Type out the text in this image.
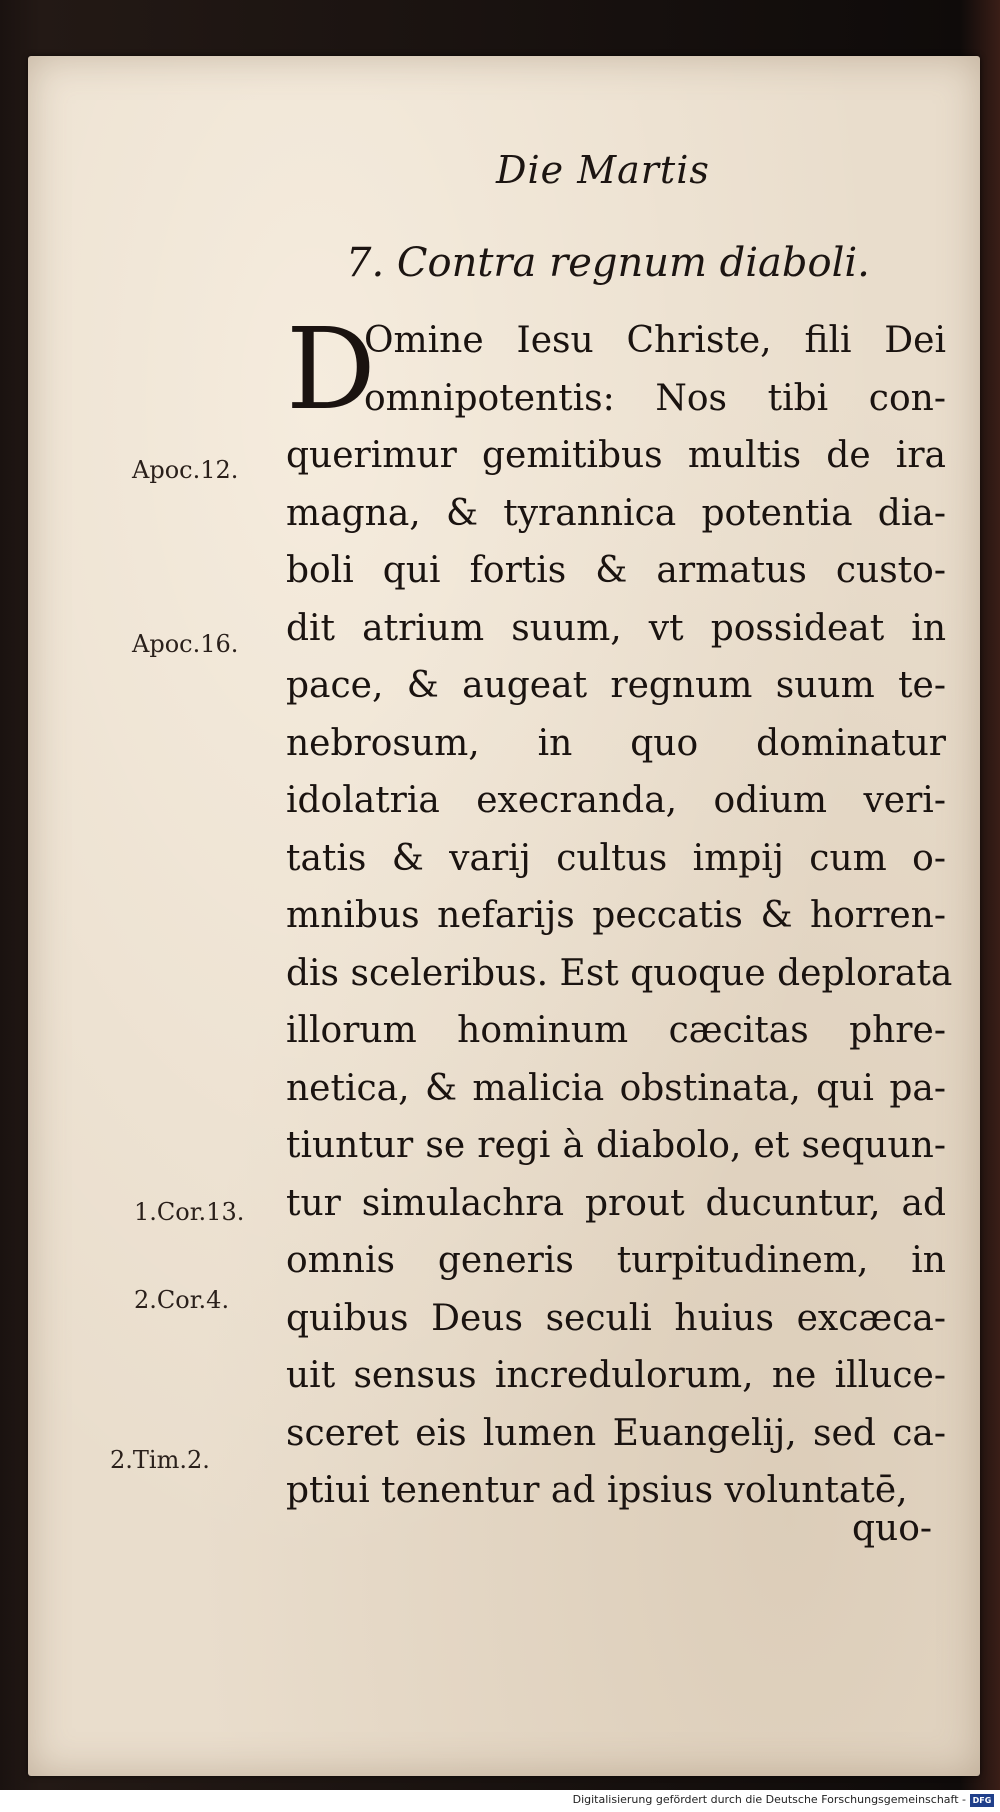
Die Martis
7. Contra regnum diaboli.
D
Omine Iesu Christe, fili Dei
omnipotentis: Nos tibi con-
querimur gemitibus multis de ira
magna, & tyrannica potentia dia-
boli qui fortis & armatus custo-
dit atrium suum, vt possideat in
pace, & augeat regnum suum te-
nebrosum, in quo dominatur
idolatria execranda, odium veri-
tatis & varij cultus impij cum o-
mnibus nefarijs peccatis & horren-
dis sceleribus. Est quoque deplorata
illorum hominum cæcitas phre-
netica, & malicia obstinata, qui pa-
tiuntur se regi à diabolo, et sequun-
tur simulachra prout ducuntur, ad
omnis generis turpitudinem, in
quibus Deus seculi huius excæca-
uit sensus incredulorum, ne illuce-
sceret eis lumen Euangelij, sed ca-
ptiui tenentur ad ipsius voluntatē,
quo-
Apoc.12.
Apoc.16.
1.Cor.13.
2.Cor.4.
2.Tim.2.
Digitalisierung gefördert durch die Deutsche Forschungsgemeinschaft - DFG
